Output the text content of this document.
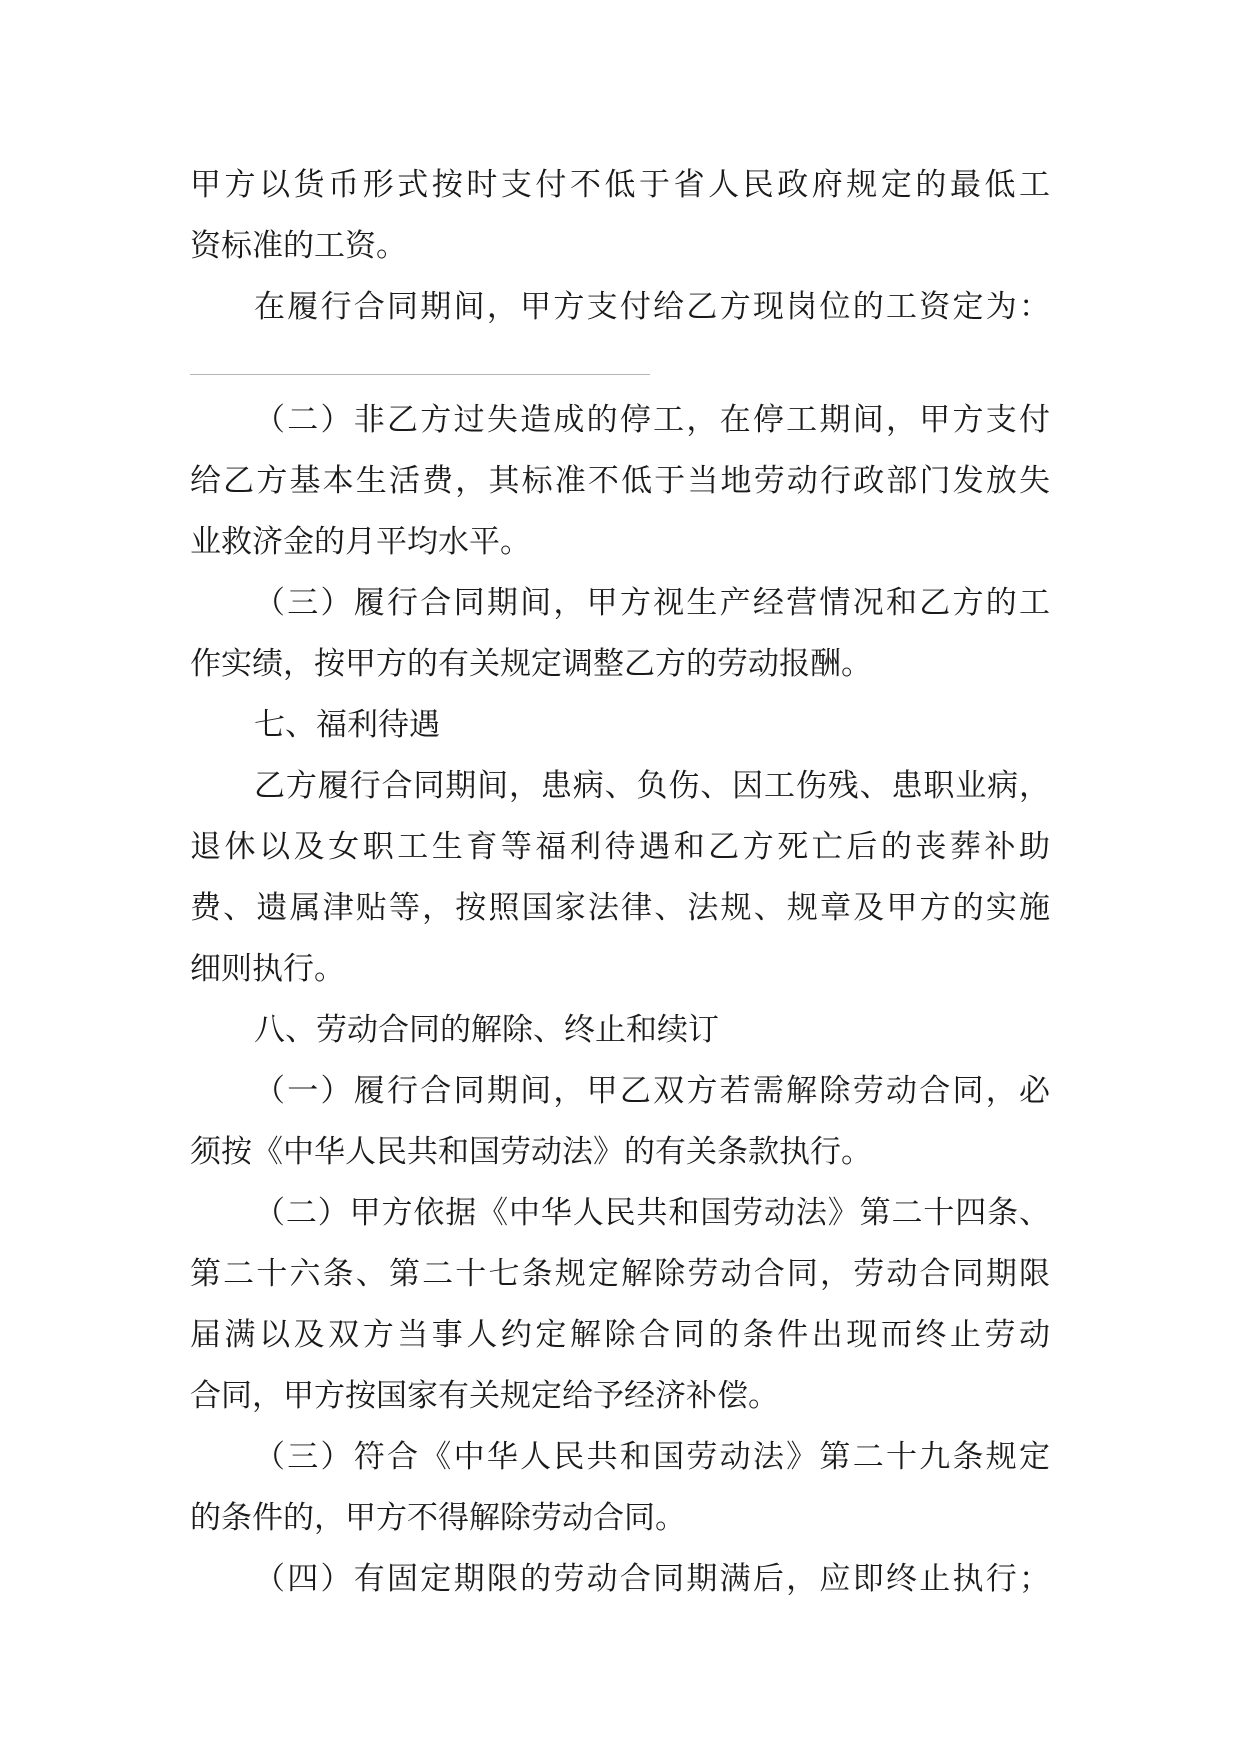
甲方以货币形式按时支付不低于省人民政府规定的最低工
资标准的工资。
在履行合同期间，甲方支付给乙方现岗位的工资定为：
（二）非乙方过失造成的停工，在停工期间，甲方支付
给乙方基本生活费，其标准不低于当地劳动行政部门发放失
业救济金的月平均水平。
（三）履行合同期间，甲方视生产经营情况和乙方的工
作实绩，按甲方的有关规定调整乙方的劳动报酬。
七、福利待遇
乙方履行合同期间，患病、负伤、因工伤残、患职业病，
退休以及女职工生育等福利待遇和乙方死亡后的丧葬补助
费、遗属津贴等，按照国家法律、法规、规章及甲方的实施
细则执行。
八、劳动合同的解除、终止和续订
（一）履行合同期间，甲乙双方若需解除劳动合同，必
须按《中华人民共和国劳动法》的有关条款执行。
（二）甲方依据《中华人民共和国劳动法》第二十四条、
第二十六条、第二十七条规定解除劳动合同，劳动合同期限
届满以及双方当事人约定解除合同的条件出现而终止劳动
合同，甲方按国家有关规定给予经济补偿。
（三）符合《中华人民共和国劳动法》第二十九条规定
的条件的，甲方不得解除劳动合同。
（四）有固定期限的劳动合同期满后，应即终止执行；
